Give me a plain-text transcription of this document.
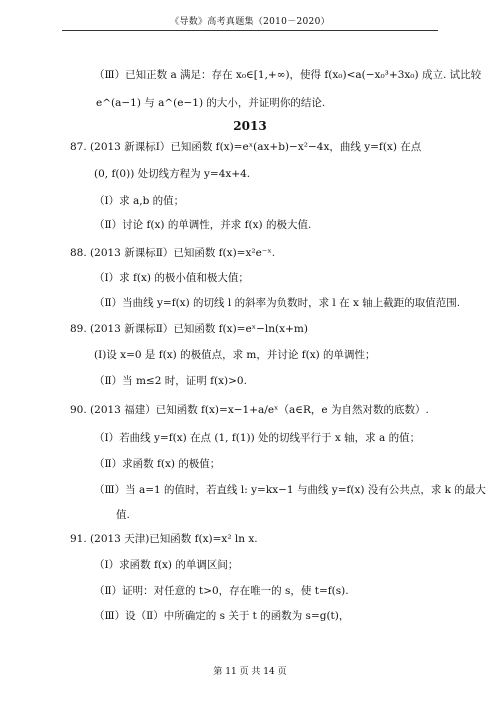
《导数》高考真题集（2010－2020）
（Ⅲ）已知正数 a 满足：存在 x₀∈[1,+∞)，使得 f(x₀)<a(−x₀³+3x₀) 成立. 试比较
e^(a−1) 与 a^(e−1) 的大小，并证明你的结论.
2013
87. (2013 新课标Ⅰ）已知函数 f(x)=eˣ(ax+b)−x²−4x，曲线 y=f(x) 在点
(0, f(0)) 处切线方程为 y=4x+4.
（Ⅰ）求 a,b 的值；
（Ⅱ）讨论 f(x) 的单调性，并求 f(x) 的极大值.
88. (2013 新课标Ⅱ）已知函数 f(x)=x²e⁻ˣ.
（Ⅰ）求 f(x) 的极小值和极大值；
（Ⅱ）当曲线 y=f(x) 的切线 l 的斜率为负数时，求 l 在 x 轴上截距的取值范围.
89. (2013 新课标Ⅱ）已知函数 f(x)=eˣ−ln(x+m)
(Ⅰ)设 x=0 是 f(x) 的极值点，求 m，并讨论 f(x) 的单调性；
（Ⅱ）当 m≤2 时，证明 f(x)>0.
90. (2013 福建）已知函数 f(x)=x−1+a/eˣ（a∈R，e 为自然对数的底数）.
（Ⅰ）若曲线 y=f(x) 在点 (1, f(1)) 处的切线平行于 x 轴，求 a 的值；
（Ⅱ）求函数 f(x) 的极值；
（Ⅲ）当 a=1 的值时，若直线 l: y=kx−1 与曲线 y=f(x) 没有公共点，求 k 的最大
值.
91. (2013 天津)已知函数 f(x)=x² ln x.
（Ⅰ）求函数 f(x) 的单调区间；
（Ⅱ）证明：对任意的 t>0，存在唯一的 s，使 t=f(s).
（Ⅲ）设（Ⅱ）中所确定的 s 关于 t 的函数为 s=g(t)，
第 11 页 共 14 页
